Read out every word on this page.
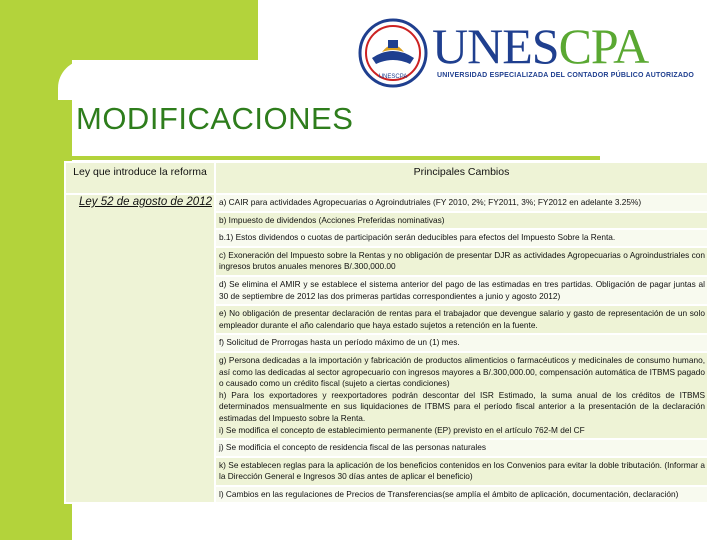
UNESCPA
UNESCPA
UNIVERSIDAD ESPECIALIZADA DEL CONTADOR PÚBLICO AUTORIZADO
MODIFICACIONES
Ley que introduce la reforma	Principales Cambios
Ley 52 de agosto de 2012	a) CAIR para actividades Agropecuarias o Agroindutriales (FY 2010, 2%; FY2011, 3%; FY2012 en adelante 3.25%)
	b) Impuesto de dividendos (Acciones Preferidas nominativas)
	b.1) Estos dividendos o cuotas de participación serán deducibles para efectos del Impuesto Sobre la Renta.
	c) Exoneración del Impuesto sobre la Rentas y no obligación de presentar DJR as actividades Agropecuarias o Agroindustriales con ingresos brutos anuales menores B/.300,000.00
	d) Se elimina el AMIR y se establece el sistema anterior del pago de las estimadas en tres partidas. Obligación de pagar juntas al 30 de septiembre de 2012 las dos primeras partidas correspondientes a junio y agosto 2012)
	e) No obligación de presentar declaración de rentas para el trabajador que devengue salario y gasto de representación de un solo empleador durante el año calendario que haya estado sujetos a retención en la fuente.
	f) Solicitud de Prorrogas hasta un período máximo de un (1) mes.
	g) Persona dedicadas a la importación y fabricación de productos alimenticios o farmacéuticos y medicinales de consumo humano, así como las dedicadas al sector agropecuario con ingresos mayores a B/.300,000.00, compensación automática de ITBMS pagado o causado como un crédito fiscal (sujeto a ciertas condiciones)
h) Para los exportadores y reexportadores podrán descontar del ISR Estimado, la suma anual de los créditos de ITBMS determinados mensualmente en sus liquidaciones de ITBMS para el período fiscal anterior a la presentación de la declaración estimadas del Impuesto sobre la Renta.
i) Se modifica el concepto de establecimiento permanente (EP) previsto en el artículo 762-M del CF
	j) Se modificia el concepto de residencia fiscal de las personas naturales
	k) Se establecen reglas para la aplicación de los beneficios contenidos en los Convenios para evitar la doble tributación. (Informar a la Dirección General e Ingresos 30 días antes de aplicar el beneficio)
	l) Cambios en las regulaciones de Precios de Transferencias(se amplía el ámbito de aplicación, documentación, declaración)
